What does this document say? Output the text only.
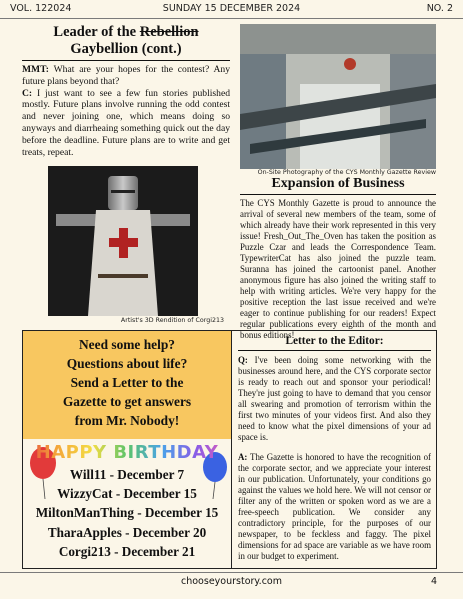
VOL. 122024	SUNDAY 15 DECEMBER 2024	NO. 2
Leader of the Rebellion Gaybellion (cont.)

MMT: What are your hopes for the contest? Any future plans beyond that?

C: I just want to see a few fun stories published mostly. Future plans involve running the odd contest and never joining one, which means doing so anyways and diarrheaing something quick out the day before the deadline. Future plans are to write and get treats, repeat.

Artist's 3D Rendition of Corgi213
On-Site Photography of the CYS Monthly Gazette Review
Expansion of Business

The CYS Monthly Gazette is proud to announce the arrival of several new members of the team, some of which already have their work represented in this very issue! Fresh_Out_The_Oven has taken the position as Puzzle Czar and leads the Correspondence Team. TypewriterCat has also joined the puzzle team. Suranna has joined the cartoonist panel. Another anonymous figure has also joined the writing staff to help with writing articles. We're very happy for the positive reception the last issue received and we're eager to continue publishing for our readers! Expect regular publications every eighth of the month and bonus editions!

Need some help?
Questions about life?
Send a Letter to the
Gazette to get answers
from Mr. Nobody!
HAPPY BIRTHDAY
Will11 - December 7
WizzyCat - December 15
MiltonManThing - December 15
TharaApples - December 20
Corgi213 - December 21
Letter to the Editor:

Q: I've been doing some networking with the businesses around here, and the CYS corporate sector is ready to reach out and sponsor your periodical! They're just going to have to demand that you censor all swearing and promotion of terrorism within the first two minutes of your videos first. And also they need to know what the pixel dimensions of your ad space is.

A: The Gazette is honored to have the recognition of the corporate sector, and we appreciate your interest in our publication. Unfortunately, your conditions go against the values we hold here. We will not censor or filter any of the written or spoken word as we are a free-speech publication. We consider any contradictory principle, for the purposes of our newspaper, to be feckless and faggy. The pixel dimensions for ad space are variable as we have room in our budget to experiment.

chooseyourstory.com	4
